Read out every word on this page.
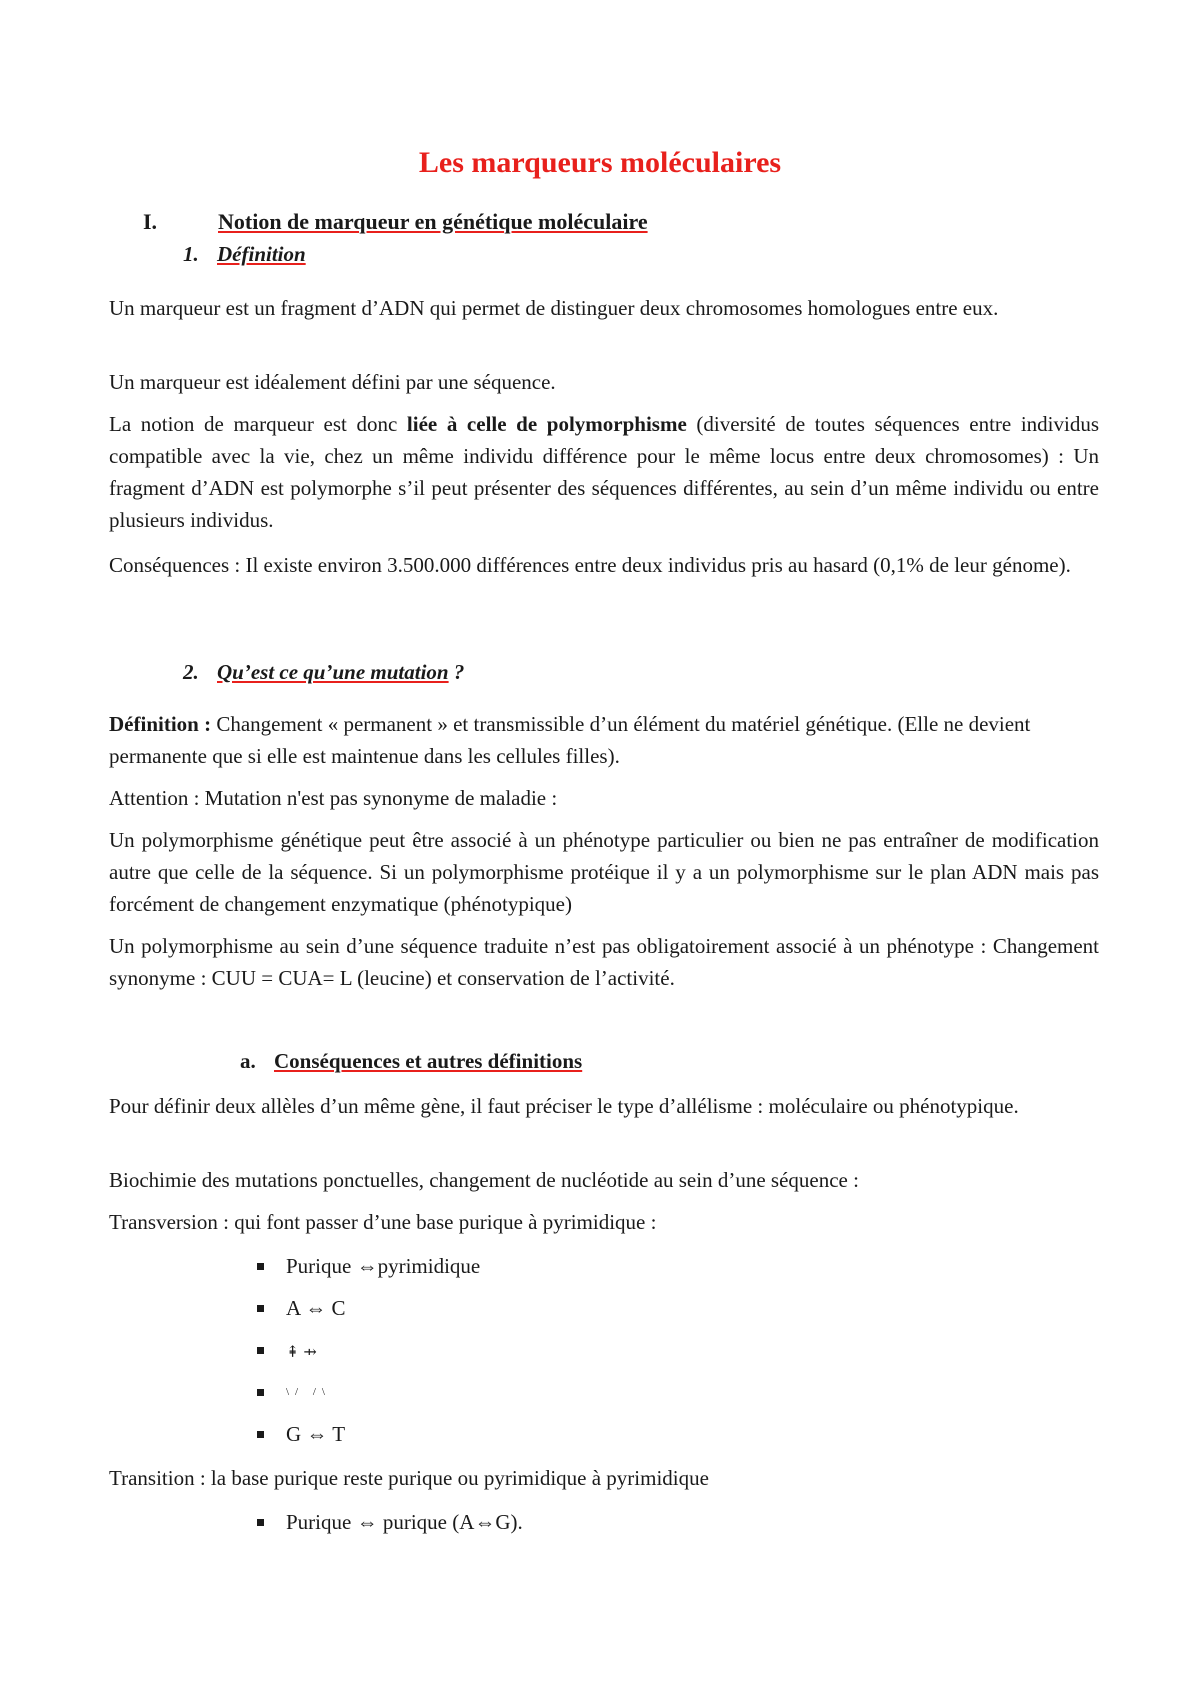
Les marqueurs moléculaires
I.	Notion de marqueur en génétique moléculaire
1. Définition

Un marqueur est un fragment d’ADN qui permet de distinguer deux chromosomes homologues entre eux.

Un marqueur est idéalement défini par une séquence.

La notion de marqueur est donc liée à celle de polymorphisme (diversité de toutes séquences entre individus compatible avec la vie, chez un même individu différence pour le même locus entre deux chromosomes) : Un fragment d’ADN est polymorphe s’il peut présenter des séquences différentes, au sein d’un même individu ou entre plusieurs individus.

Conséquences : Il existe environ 3.500.000 différences entre deux individus pris au hasard (0,1% de leur génome).

2. Qu’est ce qu’une mutation ?

Définition : Changement « permanent » et transmissible d’un élément du matériel génétique. (Elle ne devient permanente que si elle est maintenue dans les cellules filles).

Attention : Mutation n'est pas synonyme de maladie :

Un polymorphisme génétique peut être associé à un phénotype particulier ou bien ne pas entraîner de modification autre que celle de la séquence. Si un polymorphisme protéique il y a un polymorphisme sur le plan ADN mais pas forcément de changement enzymatique (phénotypique)

Un polymorphisme au sein d’une séquence traduite n’est pas obligatoirement associé à un phénotype : Changement synonyme : CUU = CUA= L (leucine) et conservation de l’activité.

a. Conséquences et autres définitions

Pour définir deux allèles d’un même gène, il faut préciser le type d’allélisme : moléculaire ou phénotypique.

Biochimie des mutations ponctuelles, changement de nucléotide au sein d’une séquence :

Transversion : qui font passer d’une base purique à pyrimidique :

Purique ⇔pyrimidique
A ⇔ C
⇞ ⇸
\/ /\
G ⇔ T

Transition : la base purique reste purique ou pyrimidique à pyrimidique

Purique ⇔ purique (A⇔G).
